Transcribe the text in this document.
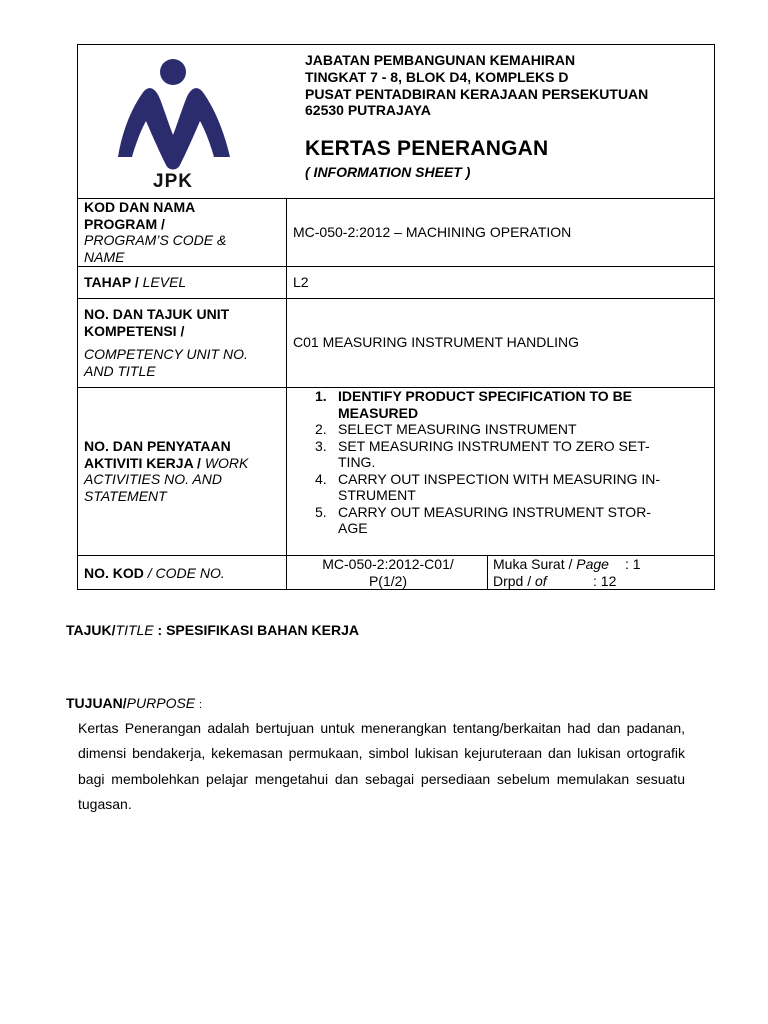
JPK
JABATAN PEMBANGUNAN KEMAHIRAN
TINGKAT 7 - 8, BLOK D4, KOMPLEKS D
PUSAT PENTADBIRAN KERAJAAN PERSEKUTUAN
62530 PUTRAJAYA
KERTAS PENERANGAN
( INFORMATION SHEET )
KOD DAN NAMA
PROGRAM /
PROGRAM’S CODE &
NAME
MC-050-2:2012 – MACHINING OPERATION
TAHAP / LEVEL	L2
NO. DAN TAJUK UNIT
KOMPETENSI /
COMPETENCY UNIT NO.
AND TITLE
C01 MEASURING INSTRUMENT HANDLING
NO. DAN PENYATAAN
AKTIVITI KERJA / WORK
ACTIVITIES NO. AND
STATEMENT
1. IDENTIFY PRODUCT SPECIFICATION TO BE
MEASURED
2. SELECT MEASURING INSTRUMENT
3. SET MEASURING INSTRUMENT TO ZERO SET-
TING.
4. CARRY OUT INSPECTION WITH MEASURING IN-
STRUMENT
5. CARRY OUT MEASURING INSTRUMENT STOR-
AGE
NO. KOD / CODE NO.
MC-050-2:2012-C01/
P(1/2)
Muka Surat / Page : 1
Drpd / of	: 12
TAJUK/TITLE : SPESIFIKASI BAHAN KERJA
TUJUAN/PURPOSE :
Kertas Penerangan adalah bertujuan untuk menerangkan tentang/berkaitan had dan padanan, dimensi bendakerja, kekemasan permukaan, simbol lukisan kejuruteraan dan lukisan ortografik bagi membolehkan pelajar mengetahui dan sebagai persediaan sebelum memulakan sesuatu tugasan.
